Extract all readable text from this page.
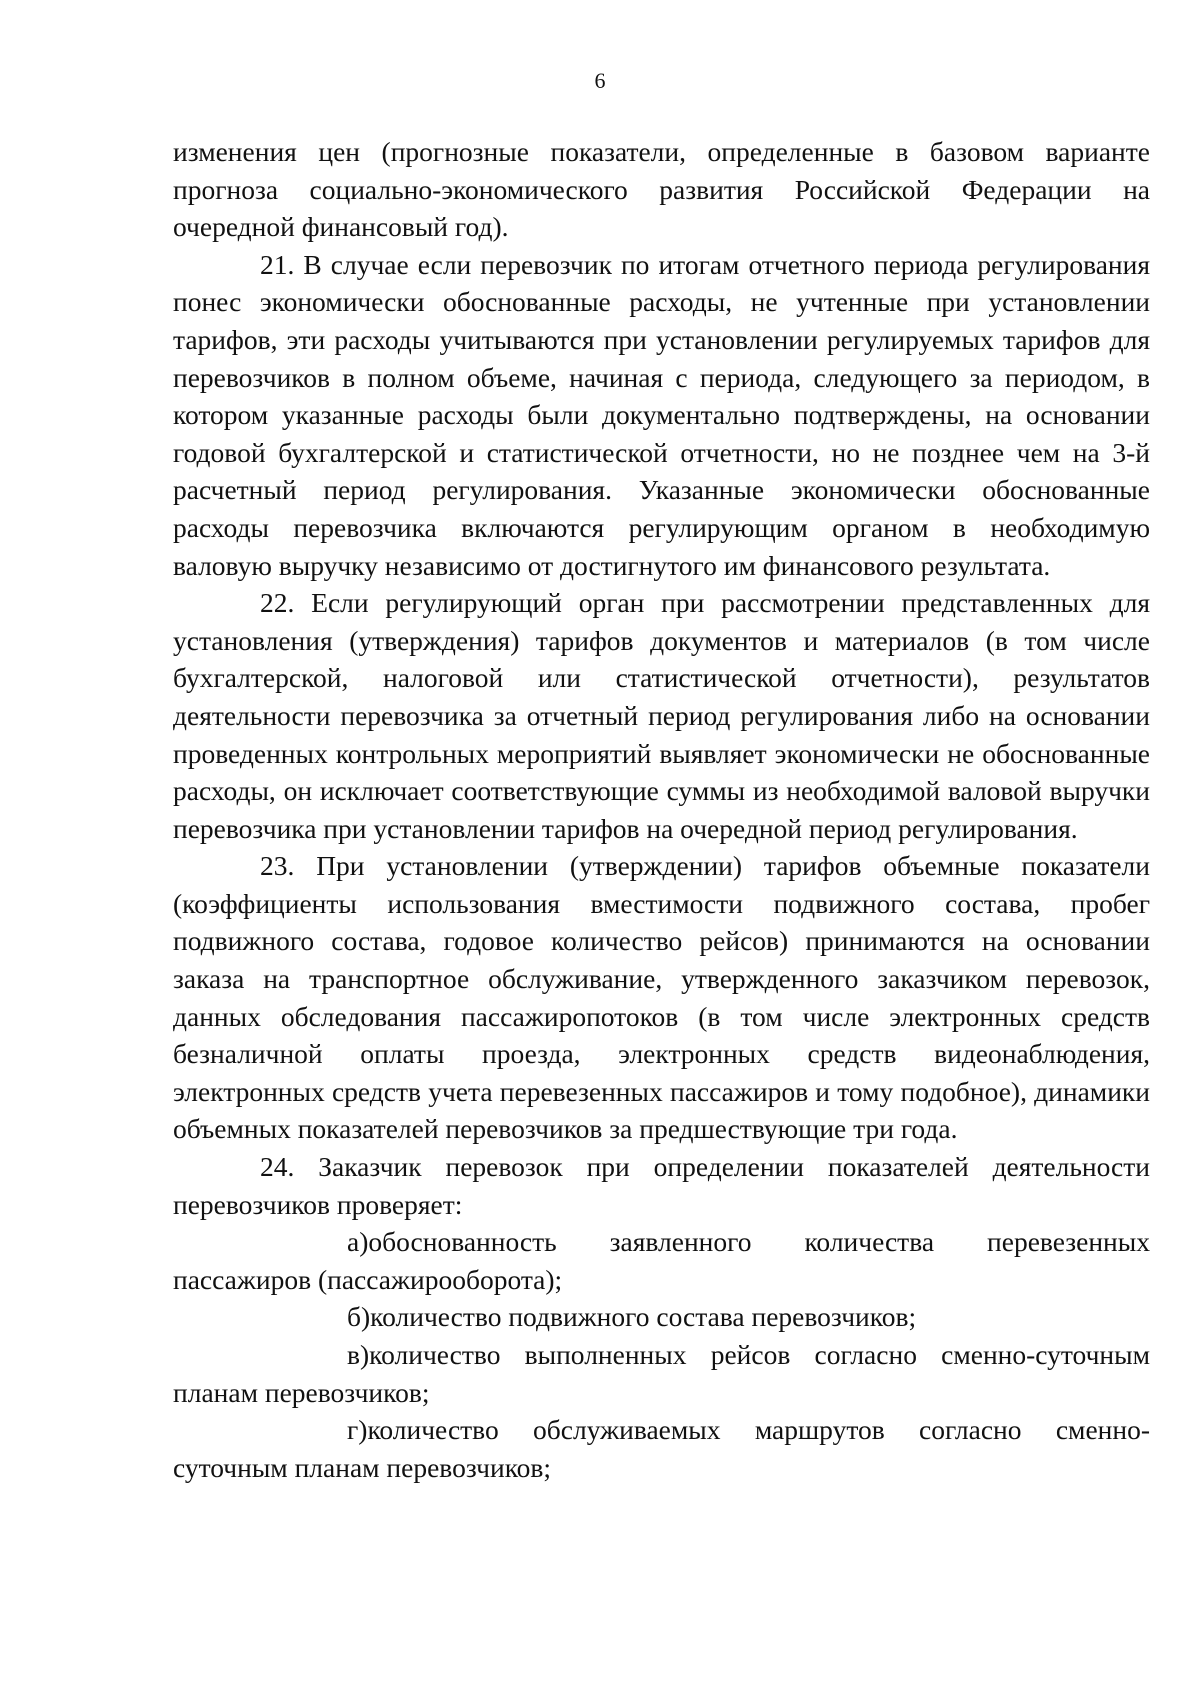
6

изменения цен (прогнозные показатели, определенные в базовом варианте прогноза социально-экономического развития Российской Федерации на очередной финансовый год).

21. В случае если перевозчик по итогам отчетного периода регулирования понес экономически обоснованные расходы, не учтенные при установлении тарифов, эти расходы учитываются при установлении регулируемых тарифов для перевозчиков в полном объеме, начиная с периода, следующего за периодом, в котором указанные расходы были документально подтверждены, на основании годовой бухгалтерской и статистической отчетности, но не позднее чем на 3-й расчетный период регулирования. Указанные экономически обоснованные расходы перевозчика включаются регулирующим органом в необходимую валовую выручку независимо от достигнутого им финансового результата.

22. Если регулирующий орган при рассмотрении представленных для установления (утверждения) тарифов документов и материалов (в том числе бухгалтерской, налоговой или статистической отчетности), результатов деятельности перевозчика за отчетный период регулирования либо на основании проведенных контрольных мероприятий выявляет экономически не обоснованные расходы, он исключает соответствующие суммы из необходимой валовой выручки перевозчика при установлении тарифов на очередной период регулирования.

23. При установлении (утверждении) тарифов объемные показатели (коэффициенты использования вместимости подвижного состава, пробег подвижного состава, годовое количество рейсов) принимаются на основании заказа на транспортное обслуживание, утвержденного заказчиком перевозок, данных обследования пассажиропотоков (в том числе электронных средств безналичной оплаты проезда, электронных средств видеонаблюдения, электронных средств учета перевезенных пассажиров и тому подобное), динамики объемных показателей перевозчиков за предшествующие три года.

24. Заказчик перевозок при определении показателей деятельности перевозчиков проверяет:

а)обоснованность заявленного количества перевезенных пассажиров (пассажирооборота);

б)количество подвижного состава перевозчиков;

в)количество выполненных рейсов согласно сменно-суточным планам перевозчиков;

г)количество обслуживаемых маршрутов согласно сменно-суточным планам перевозчиков;
